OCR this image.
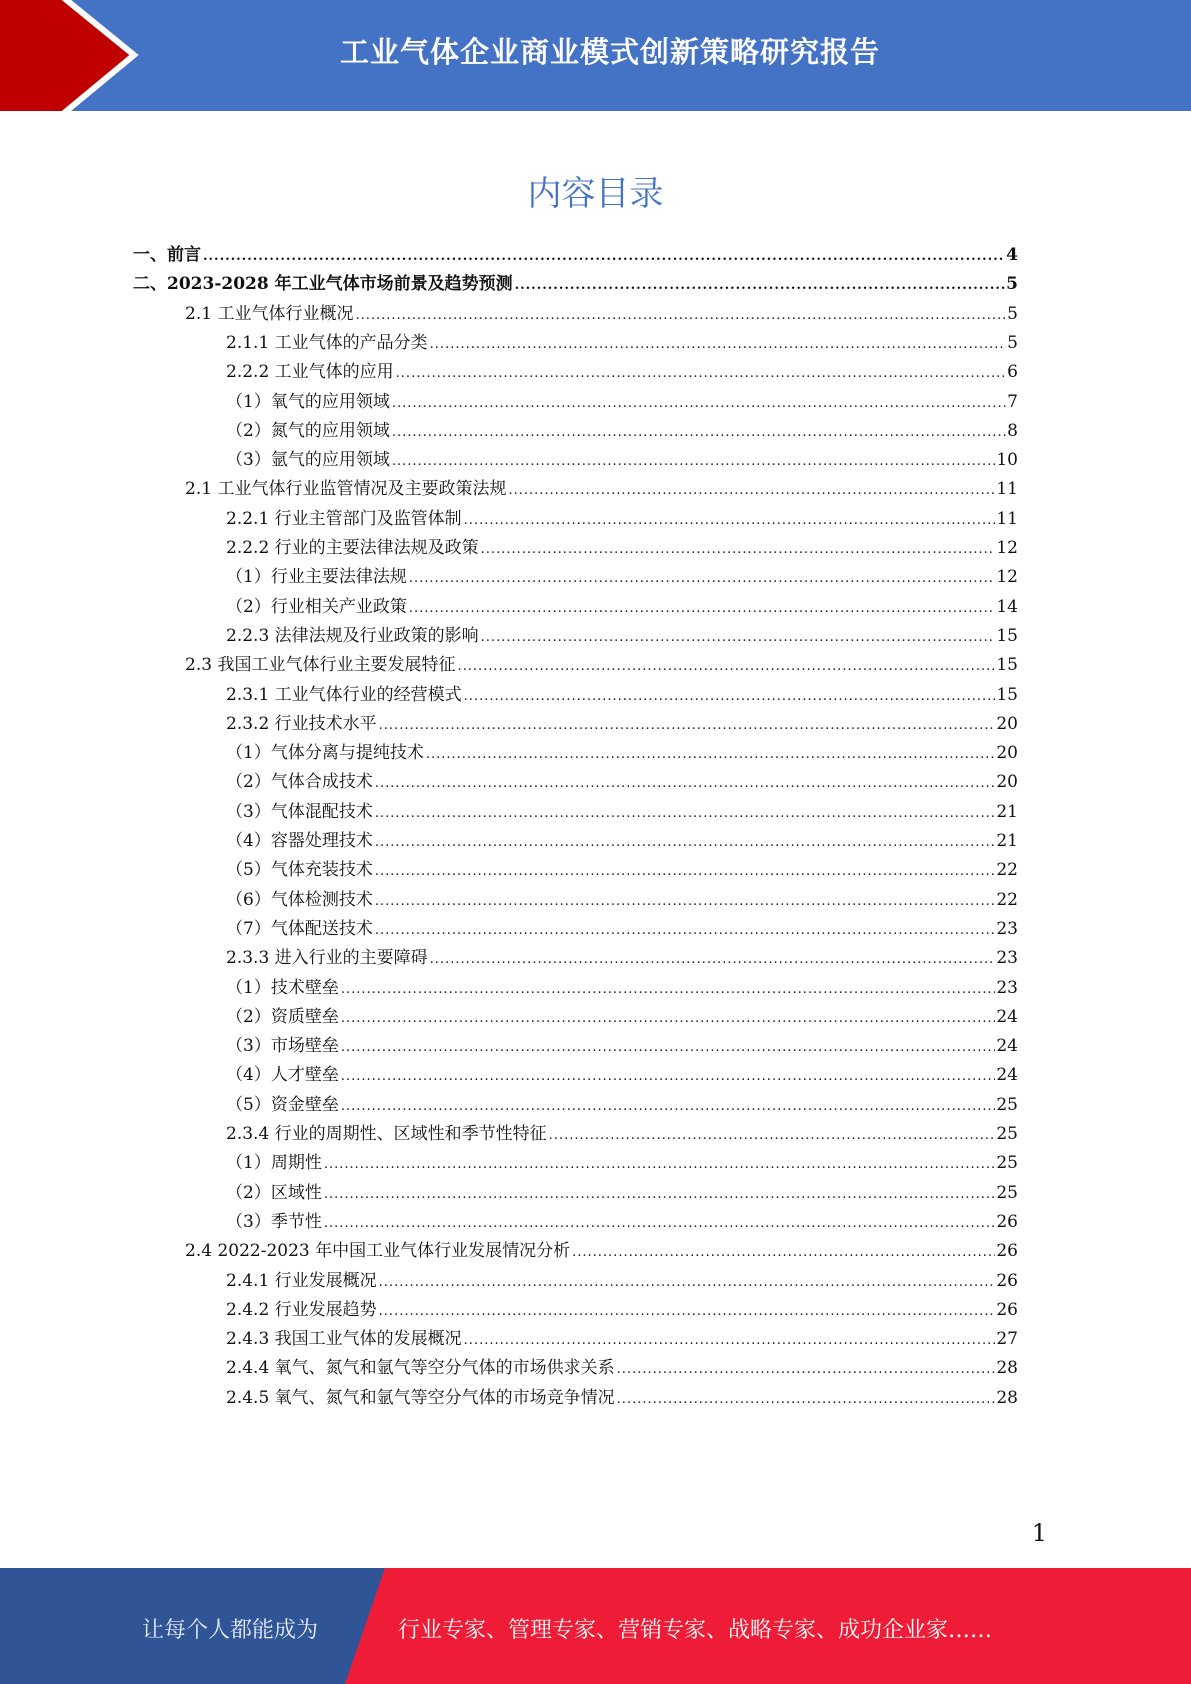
工业气体企业商业模式创新策略研究报告
内容目录
一、前言 .....	4
二、2023-2028 年工业气体市场前景及趋势预测 .....	5
2.1 工业气体行业概况 .....	5
2.1.1 工业气体的产品分类 .....	5
2.2.2 工业气体的应用 .....	6
（1）氧气的应用领域 .....	7
（2）氮气的应用领域 .....	8
（3）氩气的应用领域 .....	10
2.1 工业气体行业监管情况及主要政策法规 .....	11
2.2.1 行业主管部门及监管体制 .....	11
2.2.2 行业的主要法律法规及政策 .....	12
（1）行业主要法律法规 .....	12
（2）行业相关产业政策 .....	14
2.2.3 法律法规及行业政策的影响 .....	15
2.3 我国工业气体行业主要发展特征 .....	15
2.3.1 工业气体行业的经营模式 .....	15
2.3.2 行业技术水平 .....	20
（1）气体分离与提纯技术 .....	20
（2）气体合成技术 .....	20
（3）气体混配技术 .....	21
（4）容器处理技术 .....	21
（5）气体充装技术 .....	22
（6）气体检测技术 .....	22
（7）气体配送技术 .....	23
2.3.3 进入行业的主要障碍 .....	23
（1）技术壁垒 .....	23
（2）资质壁垒 .....	24
（3）市场壁垒 .....	24
（4）人才壁垒 .....	24
（5）资金壁垒 .....	25
2.3.4 行业的周期性、区域性和季节性特征 .....	25
（1）周期性 .....	25
（2）区域性 .....	25
（3）季节性 .....	26
2.4 2022-2023 年中国工业气体行业发展情况分析 .....	26
2.4.1 行业发展概况 .....	26
2.4.2 行业发展趋势 .....	26
2.4.3 我国工业气体的发展概况 .....	27
2.4.4 氧气、氮气和氩气等空分气体的市场供求关系 .....	28
2.4.5 氧气、氮气和氩气等空分气体的市场竞争情况 .....	28
1
让每个人都能成为	行业专家、管理专家、营销专家、战略专家、成功企业家……
